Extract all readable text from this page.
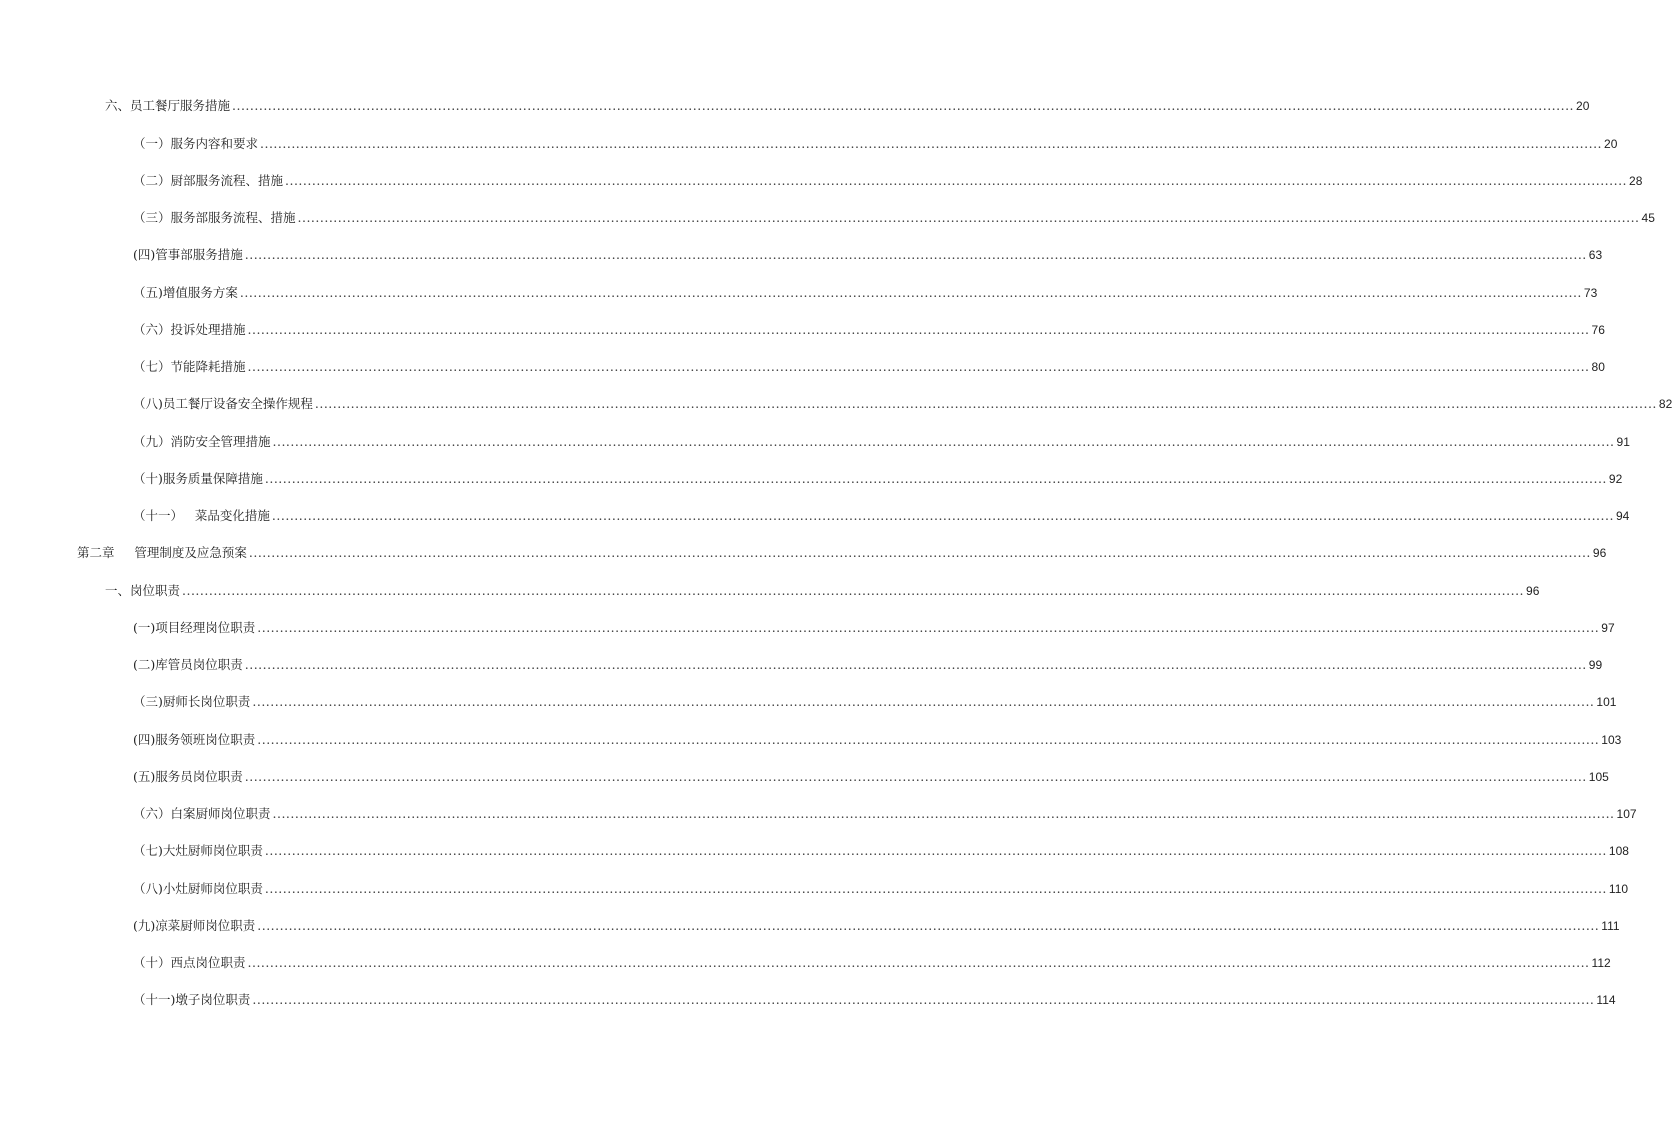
六、员工餐厅服务措施 ............................................................................................................................................................................................................................................................................................................ 20
（一）服务内容和要求 ............................................................................................................................................................................................................................................................................................................ 20
（二）厨部服务流程、措施 ............................................................................................................................................................................................................................................................................................................ 28
（三）服务部服务流程、措施 ............................................................................................................................................................................................................................................................................................................ 45
(四)管事部服务措施 ............................................................................................................................................................................................................................................................................................................ 63
（五)增值服务方案 ............................................................................................................................................................................................................................................................................................................ 73
（六）投诉处理措施 ............................................................................................................................................................................................................................................................................................................ 76
（七）节能降耗措施 ............................................................................................................................................................................................................................................................................................................ 80
（八)员工餐厅设备安全操作规程 ............................................................................................................................................................................................................................................................................................................ 82
（九）消防安全管理措施 ............................................................................................................................................................................................................................................................................................................ 91
（十)服务质量保障措施 ............................................................................................................................................................................................................................................................................................................ 92
（十一）   菜品变化措施 ............................................................................................................................................................................................................................................................................................................ 94
第二章     管理制度及应急预案 ............................................................................................................................................................................................................................................................................................................ 96
一、岗位职责 ............................................................................................................................................................................................................................................................................................................ 96
(一)项目经理岗位职责 ............................................................................................................................................................................................................................................................................................................ 97
(二)库管员岗位职责 ............................................................................................................................................................................................................................................................................................................ 99
（三)厨师长岗位职责 ............................................................................................................................................................................................................................................................................................................ 101
(四)服务领班岗位职责 ............................................................................................................................................................................................................................................................................................................ 103
(五)服务员岗位职责 ............................................................................................................................................................................................................................................................................................................ 105
（六）白案厨师岗位职责 ............................................................................................................................................................................................................................................................................................................ 107
（七)大灶厨师岗位职责 ............................................................................................................................................................................................................................................................................................................ 108
（八)小灶厨师岗位职责 ............................................................................................................................................................................................................................................................................................................ 110
(九)凉菜厨师岗位职责 ............................................................................................................................................................................................................................................................................................................ 111
（十）西点岗位职责 ............................................................................................................................................................................................................................................................................................................ 112
（十一)墩子岗位职责 ............................................................................................................................................................................................................................................................................................................ 114
